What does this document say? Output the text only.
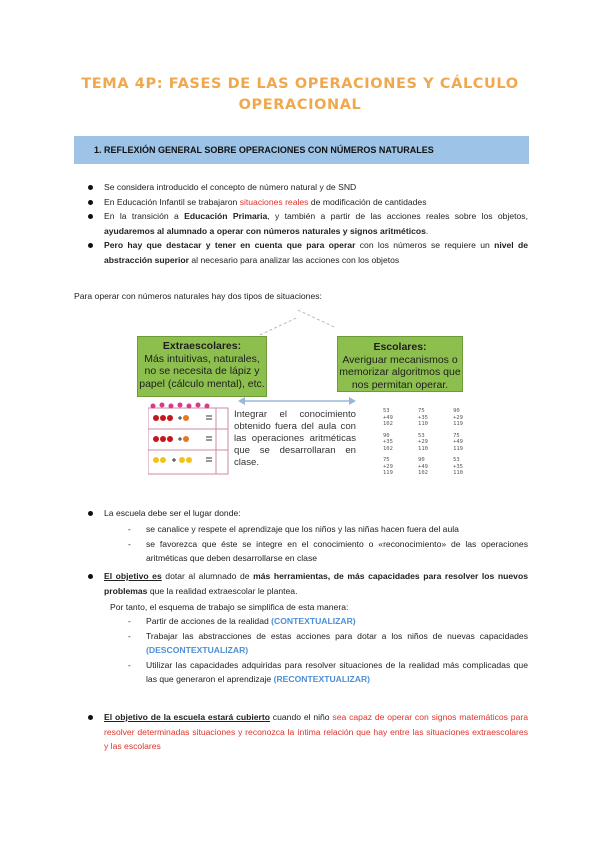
TEMA 4P: FASES DE LAS OPERACIONES Y CÁLCULO
OPERACIONAL
1. REFLEXIÓN GENERAL SOBRE OPERACIONES CON NÚMEROS NATURALES
Se considera introducido el concepto de número natural y de SND
En Educación Infantil se trabajaron situaciones reales de modificación de cantidades
En la transición a Educación Primaria, y también a partir de las acciones reales sobre los objetos, ayudaremos al alumnado a operar con números naturales y signos aritméticos.
Pero hay que destacar y tener en cuenta que para operar con los números se requiere un nivel de abstracción superior al necesario para analizar las acciones con los objetos
Para operar con números naturales hay dos tipos de situaciones:
Extraescolares:
Más intuitivas, naturales, no se necesita de lápiz y papel (cálculo mental), etc.
Escolares:
Averiguar mecanismos o memorizar algoritmos que nos permitan operar.
Integrar el conocimiento obtenido fuera del aula con las operaciones aritméticas que se desarrollaran en clase.
53
+49
102
75
+35
110
90
+29
119
90
+35
102
53
+29
110
75
+49
119
75
+29
119
90
+49
102
53
+35
110
La escuela debe ser el lugar donde:
- se canalice y respete el aprendizaje que los niños y las niñas hacen fuera del aula
- se favorezca que éste se integre en el conocimiento o «reconocimiento» de las operaciones aritméticas que deben desarrollarse en clase
El objetivo es dotar al alumnado de más herramientas, de más capacidades para resolver los nuevos problemas que la realidad extraescolar le plantea.
Por tanto, el esquema de trabajo se simplifica de esta manera:
- Partir de acciones de la realidad (CONTEXTUALIZAR)
- Trabajar las abstracciones de estas acciones para dotar a los niños de nuevas capacidades (DESCONTEXTUALIZAR)
- Utilizar las capacidades adquiridas para resolver situaciones de la realidad más complicadas que las que generaron el aprendizaje (RECONTEXTUALIZAR)
El objetivo de la escuela estará cubierto cuando el niño sea capaz de operar con signos matemáticos para resolver determinadas situaciones y reconozca la íntima relación que hay entre las situaciones extraescolares y las escolares
